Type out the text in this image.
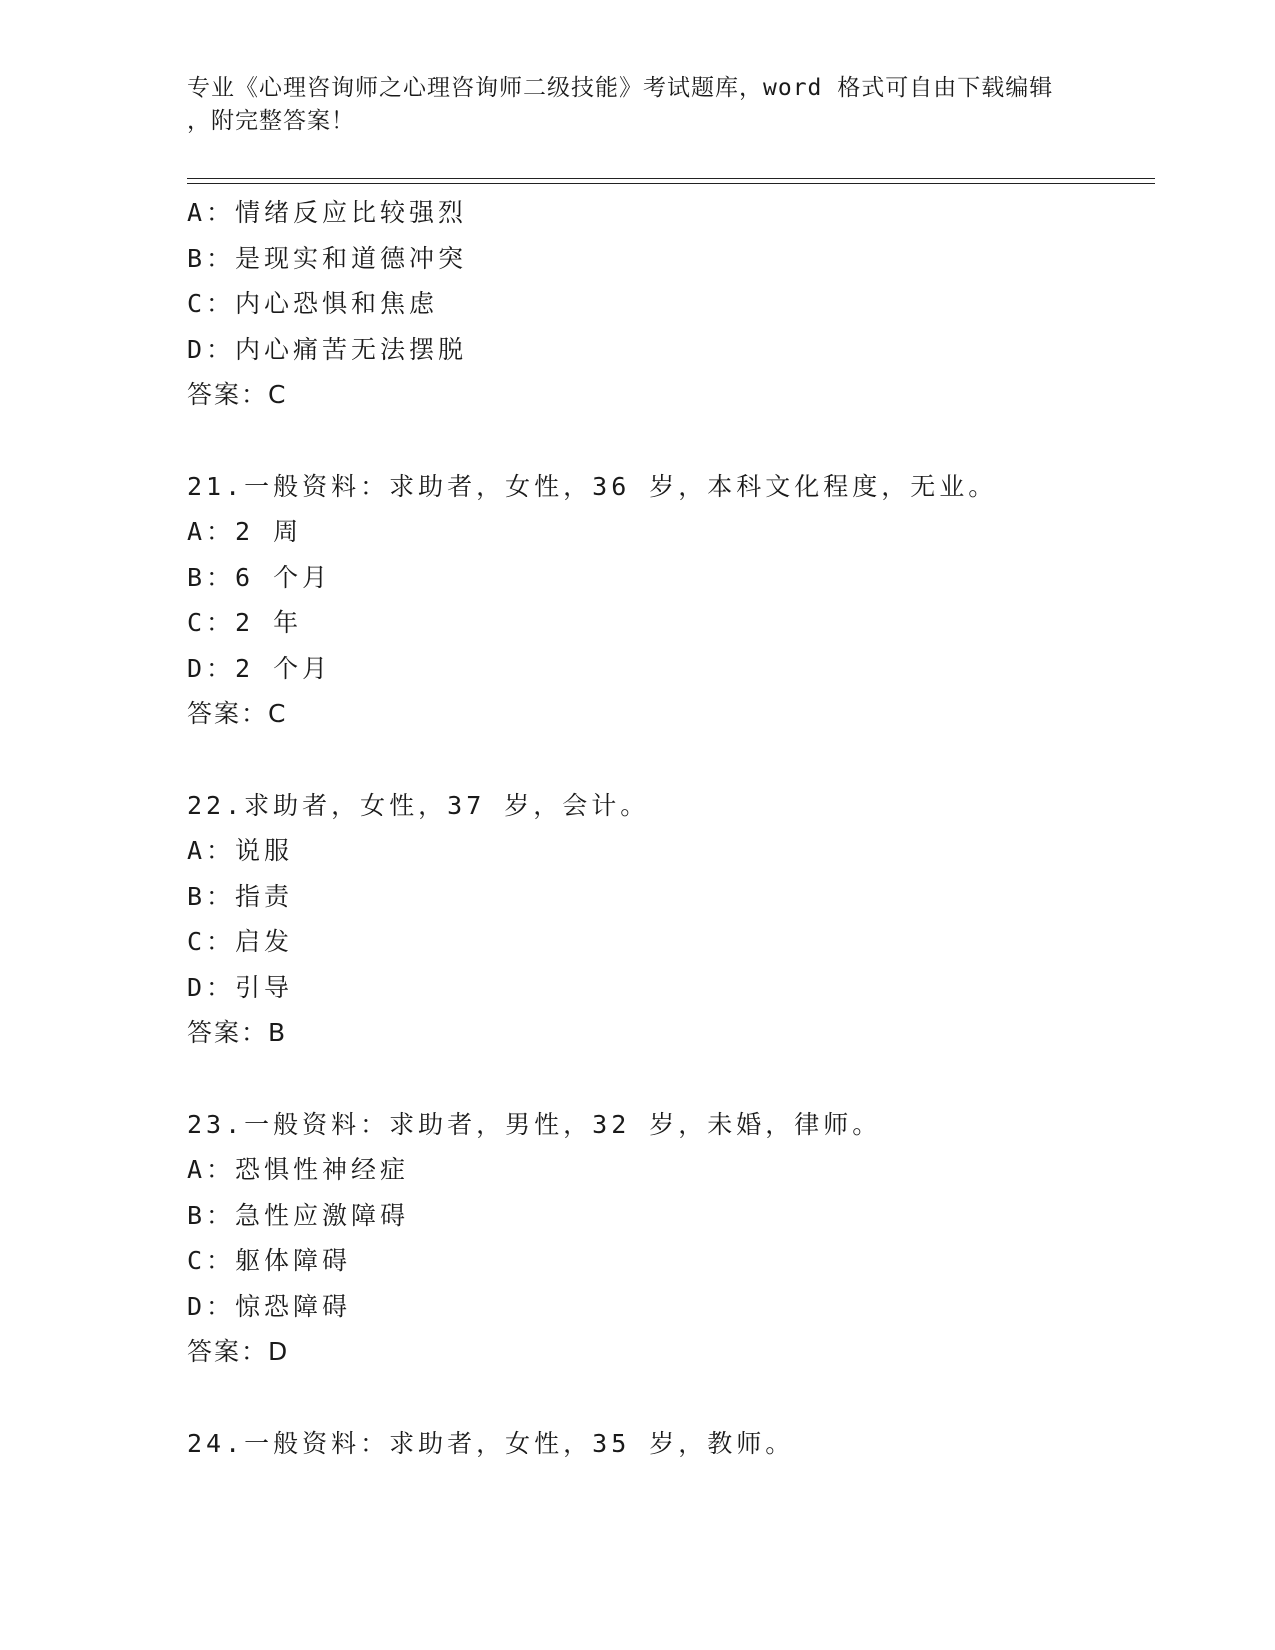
专业《心理咨询师之心理咨询师二级技能》考试题库，word 格式可自由下载编辑
，附完整答案！
A：情绪反应比较强烈
B：是现实和道德冲突
C：内心恐惧和焦虑
D：内心痛苦无法摆脱
答案：C
21.一般资料：求助者，女性，36 岁，本科文化程度，无业。
A：2 周
B：6 个月
C：2 年
D：2 个月
答案：C
22.求助者，女性，37 岁，会计。
A：说服
B：指责
C：启发
D：引导
答案：B
23.一般资料：求助者，男性，32 岁，未婚，律师。
A：恐惧性神经症
B：急性应激障碍
C：躯体障碍
D：惊恐障碍
答案：D
24.一般资料：求助者，女性，35 岁，教师。
